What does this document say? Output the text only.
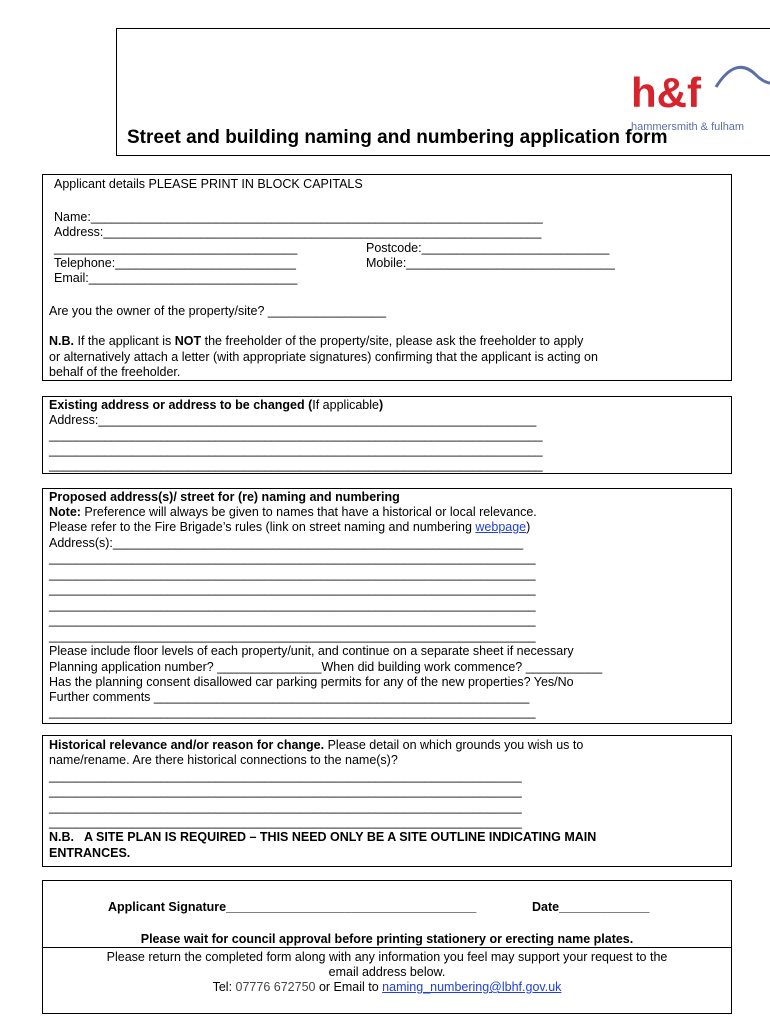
h&f
hammersmith & fulham
Street and building naming and numbering application form
Applicant details PLEASE PRINT IN BLOCK CAPITALS
Name:_________________________________________________________________
Address:_______________________________________________________________
___________________________________	Postcode:___________________________
Telephone:__________________________	Mobile:______________________________
Email:______________________________
Are you the owner of the property/site? _________________
N.B. If the applicant is NOT the freeholder of the property/site, please ask the freeholder to apply
or alternatively attach a letter (with appropriate signatures) confirming that the applicant is acting on
behalf of the freeholder.
Existing address or address to be changed (If applicable)
Address:_______________________________________________________________
_______________________________________________________________________
_______________________________________________________________________
_______________________________________________________________________
Proposed address(s)/ street for (re) naming and numbering
Note: Preference will always be given to names that have a historical or local relevance.
Please refer to the Fire Brigade’s rules (link on street naming and numbering webpage)
Address(s):___________________________________________________________
______________________________________________________________________
______________________________________________________________________
______________________________________________________________________
______________________________________________________________________
______________________________________________________________________
______________________________________________________________________
Please include floor levels of each property/unit, and continue on a separate sheet if necessary
Planning application number? _______________When did building work commence? ___________
Has the planning consent disallowed car parking permits for any of the new properties? Yes/No
Further comments ______________________________________________________
______________________________________________________________________
Historical relevance and/or reason for change. Please detail on which grounds you wish us to
name/rename. Are there historical connections to the name(s)?
____________________________________________________________________
____________________________________________________________________
____________________________________________________________________
____________________________________________________________________
N.B.   A SITE PLAN IS REQUIRED – THIS NEED ONLY BE A SITE OUTLINE INDICATING MAIN
ENTRANCES.
Applicant Signature____________________________________	Date_____________
Please wait for council approval before printing stationery or erecting name plates.
Please return the completed form along with any information you feel may support your request to the
email address below.
Tel: 07776 672750 or Email to naming_numbering@lbhf.gov.uk
